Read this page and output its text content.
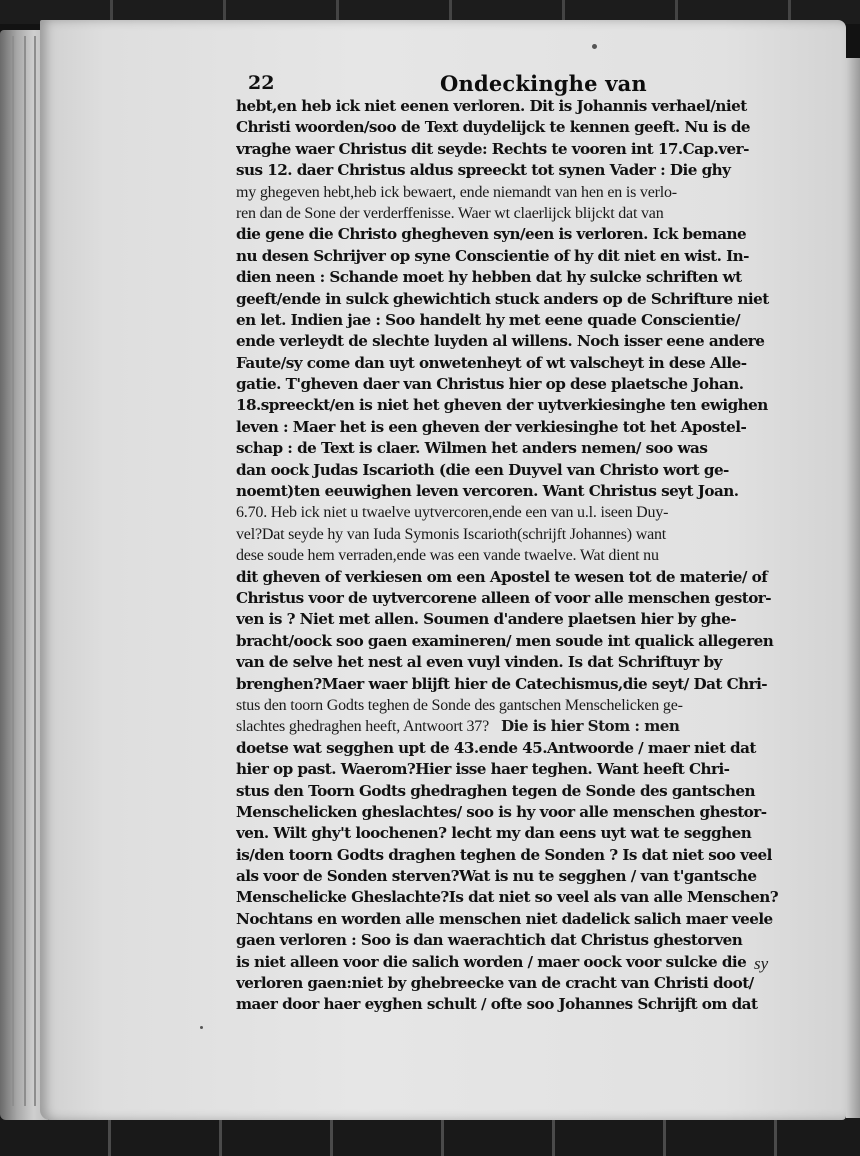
22	Ondeckinghe van
hebt,en heb ick niet eenen verloren. Dit is Johannis verhael/niet
Christi woorden/soo de Text duydelijck te kennen geeft. Nu is de
vraghe waer Christus dit seyde: Rechts te vooren int 17.Cap.ver-
sus 12. daer Christus aldus spreeckt tot synen Vader : Die ghy
my ghegeven hebt,heb ick bewaert, ende niemandt van hen en is verlo-
ren dan de Sone der verderffenisse. Waer wt claerlijck blijckt dat van
die gene die Christo ghegheven syn/een is verloren. Ick bemane
nu desen Schrijver op syne Conscientie of hy dit niet en wist. In-
dien neen : Schande moet hy hebben dat hy sulcke schriften wt
geeft/ende in sulck ghewichtich stuck anders op de Schrifture niet
en let. Indien jae : Soo handelt hy met eene quade Conscientie/
ende verleydt de slechte luyden al willens. Noch isser eene andere
Faute/sy come dan uyt onwetenheyt of wt valscheyt in dese Alle-
gatie. T'gheven daer van Christus hier op dese plaetsche Johan.
18.spreeckt/en is niet het gheven der uytverkiesinghe ten ewighen
leven : Maer het is een gheven der verkiesinghe tot het Apostel-
schap : de Text is claer. Wilmen het anders nemen/ soo was
dan oock Judas Iscarioth (die een Duyvel van Christo wort ge-
noemt)ten eeuwighen leven vercoren. Want Christus seyt Joan.
6.70. Heb ick niet u twaelve uytvercoren,ende een van u.l. iseen Duy-
vel?Dat seyde hy van Iuda Symonis Iscarioth(schrijft Johannes) want
dese soude hem verraden,ende was een vande twaelve. Wat dient nu
dit gheven of verkiesen om een Apostel te wesen tot de materie/ of
Christus voor de uytvercorene alleen of voor alle menschen gestor-
ven is ? Niet met allen. Soumen d'andere plaetsen hier by ghe-
bracht/oock soo gaen examineren/ men soude int qualick allegeren
van de selve het nest al even vuyl vinden. Is dat Schriftuyr by
brenghen?Maer waer blijft hier de Catechismus,die seyt/ Dat Chri-
stus den toorn Godts teghen de Sonde des gantschen Menschelicken ge-
slachtes ghedraghen heeft, Antwoort 37? Die is hier Stom : men
doetse wat segghen upt de 43.ende 45.Antwoorde / maer niet dat
hier op past. Waerom?Hier isse haer teghen. Want heeft Chri-
stus den Toorn Godts ghedraghen tegen de Sonde des gantschen
Menschelicken gheslachtes/ soo is hy voor alle menschen ghestor-
ven. Wilt ghy't loochenen? lecht my dan eens uyt wat te segghen
is/den toorn Godts draghen teghen de Sonden ? Is dat niet soo veel
als voor de Sonden sterven?Wat is nu te segghen / van t'gantsche
Menschelicke Gheslachte?Is dat niet so veel als van alle Menschen?
Nochtans en worden alle menschen niet dadelick salich maer veele
gaen verloren : Soo is dan waerachtich dat Christus ghestorven
is niet alleen voor die salich worden / maer oock voor sulcke die
verloren gaen:niet by ghebreecke van de cracht van Christi doot/
maer door haer eyghen schult / ofte soo Johannes Schrijft om dat
sy
